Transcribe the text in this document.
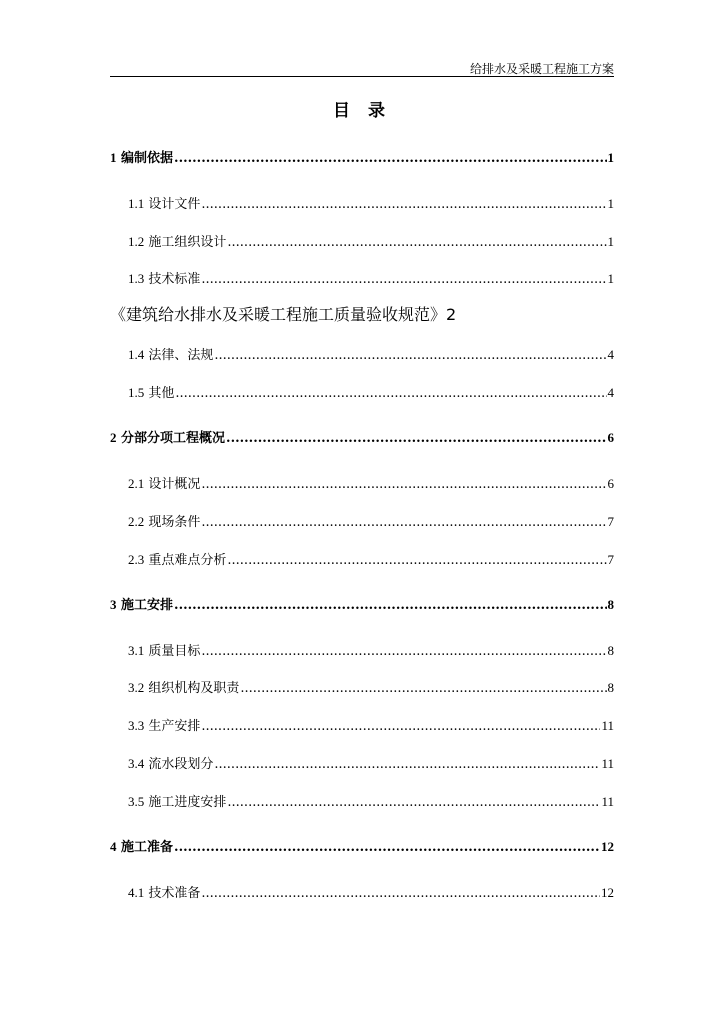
给排水及采暖工程施工方案
目 录
1 编制依据 .....	1
1.1 设计文件 .....	1
1.2 施工组织设计 .....	1
1.3 技术标准 .....	1
《建筑给水排水及采暖工程施工质量验收规范》2
1.4 法律、法规 .....	4
1.5 其他 .....	4
2 分部分项工程概况 .....	6
2.1 设计概况 .....	6
2.2 现场条件 .....	7
2.3 重点难点分析 .....	7
3 施工安排 .....	8
3.1 质量目标 .....	8
3.2 组织机构及职责 .....	8
3.3 生产安排 .....	11
3.4 流水段划分 .....	11
3.5 施工进度安排 .....	11
4 施工准备 .....	12
4.1 技术准备 .....	12
